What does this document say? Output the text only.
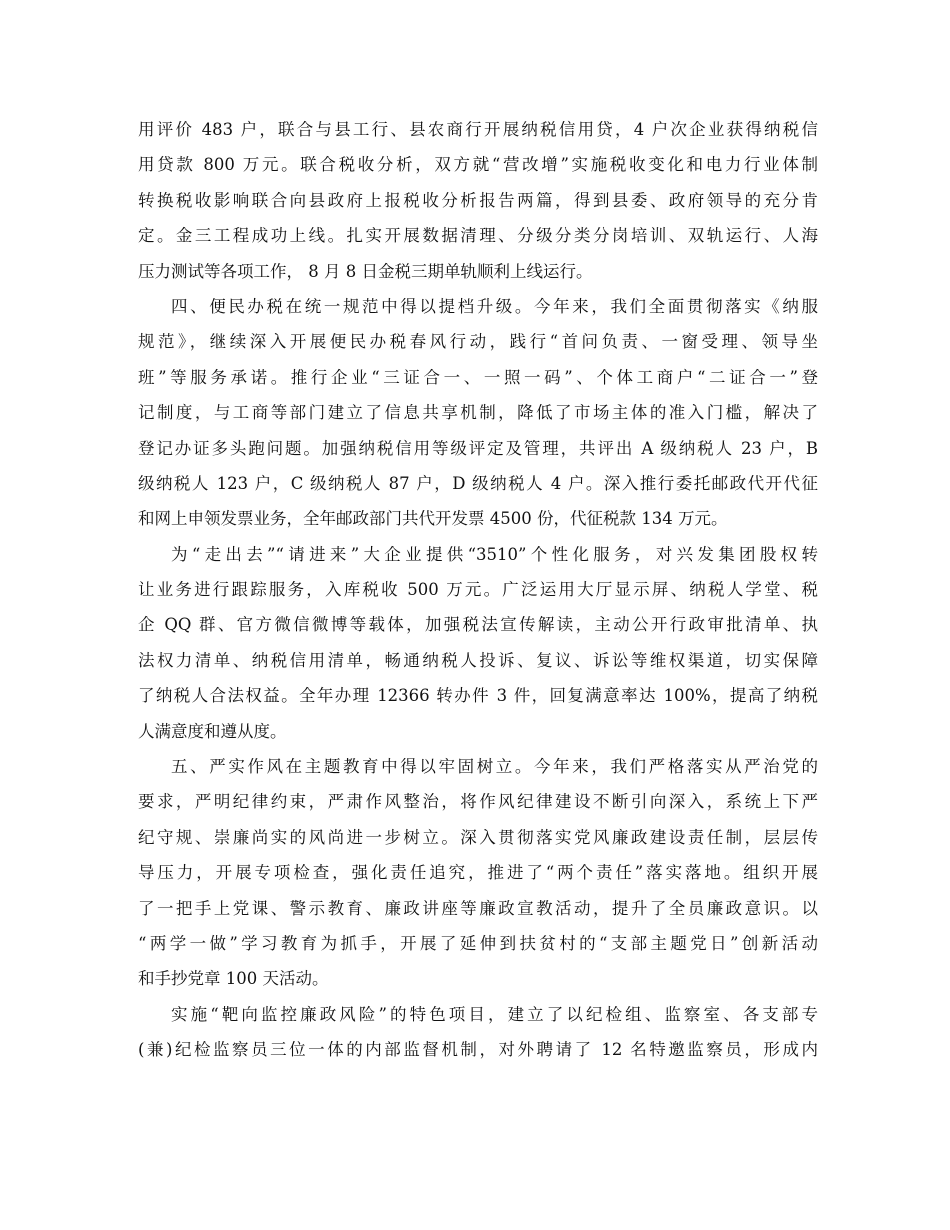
用评价 483 户，联合与县工行、县农商行开展纳税信用贷，4 户次企业获得纳税信
用贷款 800 万元。联合税收分析，双方就“营改增”实施税收变化和电力行业体制
转换税收影响联合向县政府上报税收分析报告两篇，得到县委、政府领导的充分肯
定。金三工程成功上线。扎实开展数据清理、分级分类分岗培训、双轨运行、人海
压力测试等各项工作， 8 月 8 日金税三期单轨顺利上线运行。
四、便民办税在统一规范中得以提档升级。今年来，我们全面贯彻落实《纳服
规范》，继续深入开展便民办税春风行动，践行“首问负责、一窗受理、领导坐
班”等服务承诺。推行企业“三证合一、一照一码”、个体工商户“二证合一”登
记制度，与工商等部门建立了信息共享机制，降低了市场主体的准入门槛，解决了
登记办证多头跑问题。加强纳税信用等级评定及管理，共评出 A 级纳税人 23 户，B
级纳税人 123 户，C 级纳税人 87 户，D 级纳税人 4 户。深入推行委托邮政代开代征
和网上申领发票业务，全年邮政部门共代开发票 4500 份，代征税款 134 万元。
为“走出去”“请进来”大企业提供“3510”个性化服务，对兴发集团股权转
让业务进行跟踪服务，入库税收 500 万元。广泛运用大厅显示屏、纳税人学堂、税
企 QQ 群、官方微信微博等载体，加强税法宣传解读，主动公开行政审批清单、执
法权力清单、纳税信用清单，畅通纳税人投诉、复议、诉讼等维权渠道，切实保障
了纳税人合法权益。全年办理 12366 转办件 3 件，回复满意率达 100%，提高了纳税
人满意度和遵从度。
五、严实作风在主题教育中得以牢固树立。今年来，我们严格落实从严治党的
要求，严明纪律约束，严肃作风整治，将作风纪律建设不断引向深入，系统上下严
纪守规、崇廉尚实的风尚进一步树立。深入贯彻落实党风廉政建设责任制，层层传
导压力，开展专项检查，强化责任追究，推进了“两个责任”落实落地。组织开展
了一把手上党课、警示教育、廉政讲座等廉政宣教活动，提升了全员廉政意识。以
“两学一做”学习教育为抓手，开展了延伸到扶贫村的“支部主题党日”创新活动
和手抄党章 100 天活动。
实施“靶向监控廉政风险”的特色项目，建立了以纪检组、监察室、各支部专
(兼)纪检监察员三位一体的内部监督机制，对外聘请了 12 名特邀监察员，形成内
